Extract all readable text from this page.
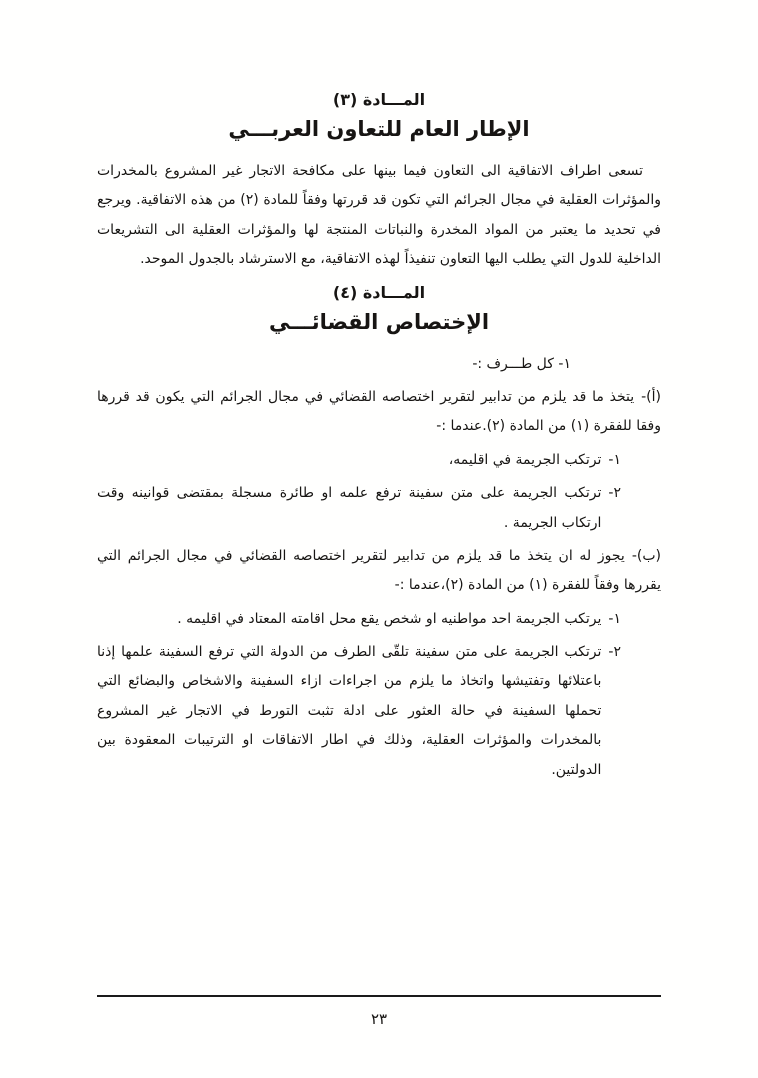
المـــادة (٣)
الإطار العام للتعاون العربـــي

تسعى اطراف الاتفاقية الى التعاون فيما بينها على مكافحة الاتجار غير المشروع بالمخدرات والمؤثرات العقلية في مجال الجرائم التي تكون قد قررتها وفقاً للمادة (٢) من هذه الاتفاقية. ويرجع في تحديد ما يعتبر من المواد المخدرة والنباتات المنتجة لها والمؤثرات العقلية الى التشريعات الداخلية للدول التي يطلب اليها التعاون تنفيذاً لهذه الاتفاقية، مع الاسترشاد بالجدول الموحد.

المـــادة (٤)
الإختصاص القضائـــي

١- كل طـــرف :-

(أ)-يتخذ ما قد يلزم من تدابير لتقرير اختصاصه القضائي في مجال الجرائم التي يكون قد قررها وفقا للفقرة (١) من المادة (٢).عندما :-

١-
ترتكب الجريمة في اقليمه،
٢-
ترتكب الجريمة على متن سفينة ترفع علمه او طائرة مسجلة بمقتضى قوانينه وقت ارتكاب الجريمة .

(ب)-يجوز له ان يتخذ ما قد يلزم من تدابير لتقرير اختصاصه القضائي في مجال الجرائم التي يقررها وفقاً للفقرة (١) من المادة (٢)،عندما :-

١-
يرتكب الجريمة احد مواطنيه او شخص يقع محل اقامته المعتاد في اقليمه .
٢-
ترتكب الجريمة على متن سفينة تلقّى الطرف من الدولة التي ترفع السفينة علمها إذنا باعتلائها وتفتيشها واتخاذ ما يلزم من اجراءات ازاء السفينة والاشخاص والبضائع التي تحملها السفينة في حالة العثور على ادلة تثبت التورط في الاتجار غير المشروع بالمخدرات والمؤثرات العقلية، وذلك في اطار الاتفاقات او الترتيبات المعقودة بين الدولتين.
٢٣
